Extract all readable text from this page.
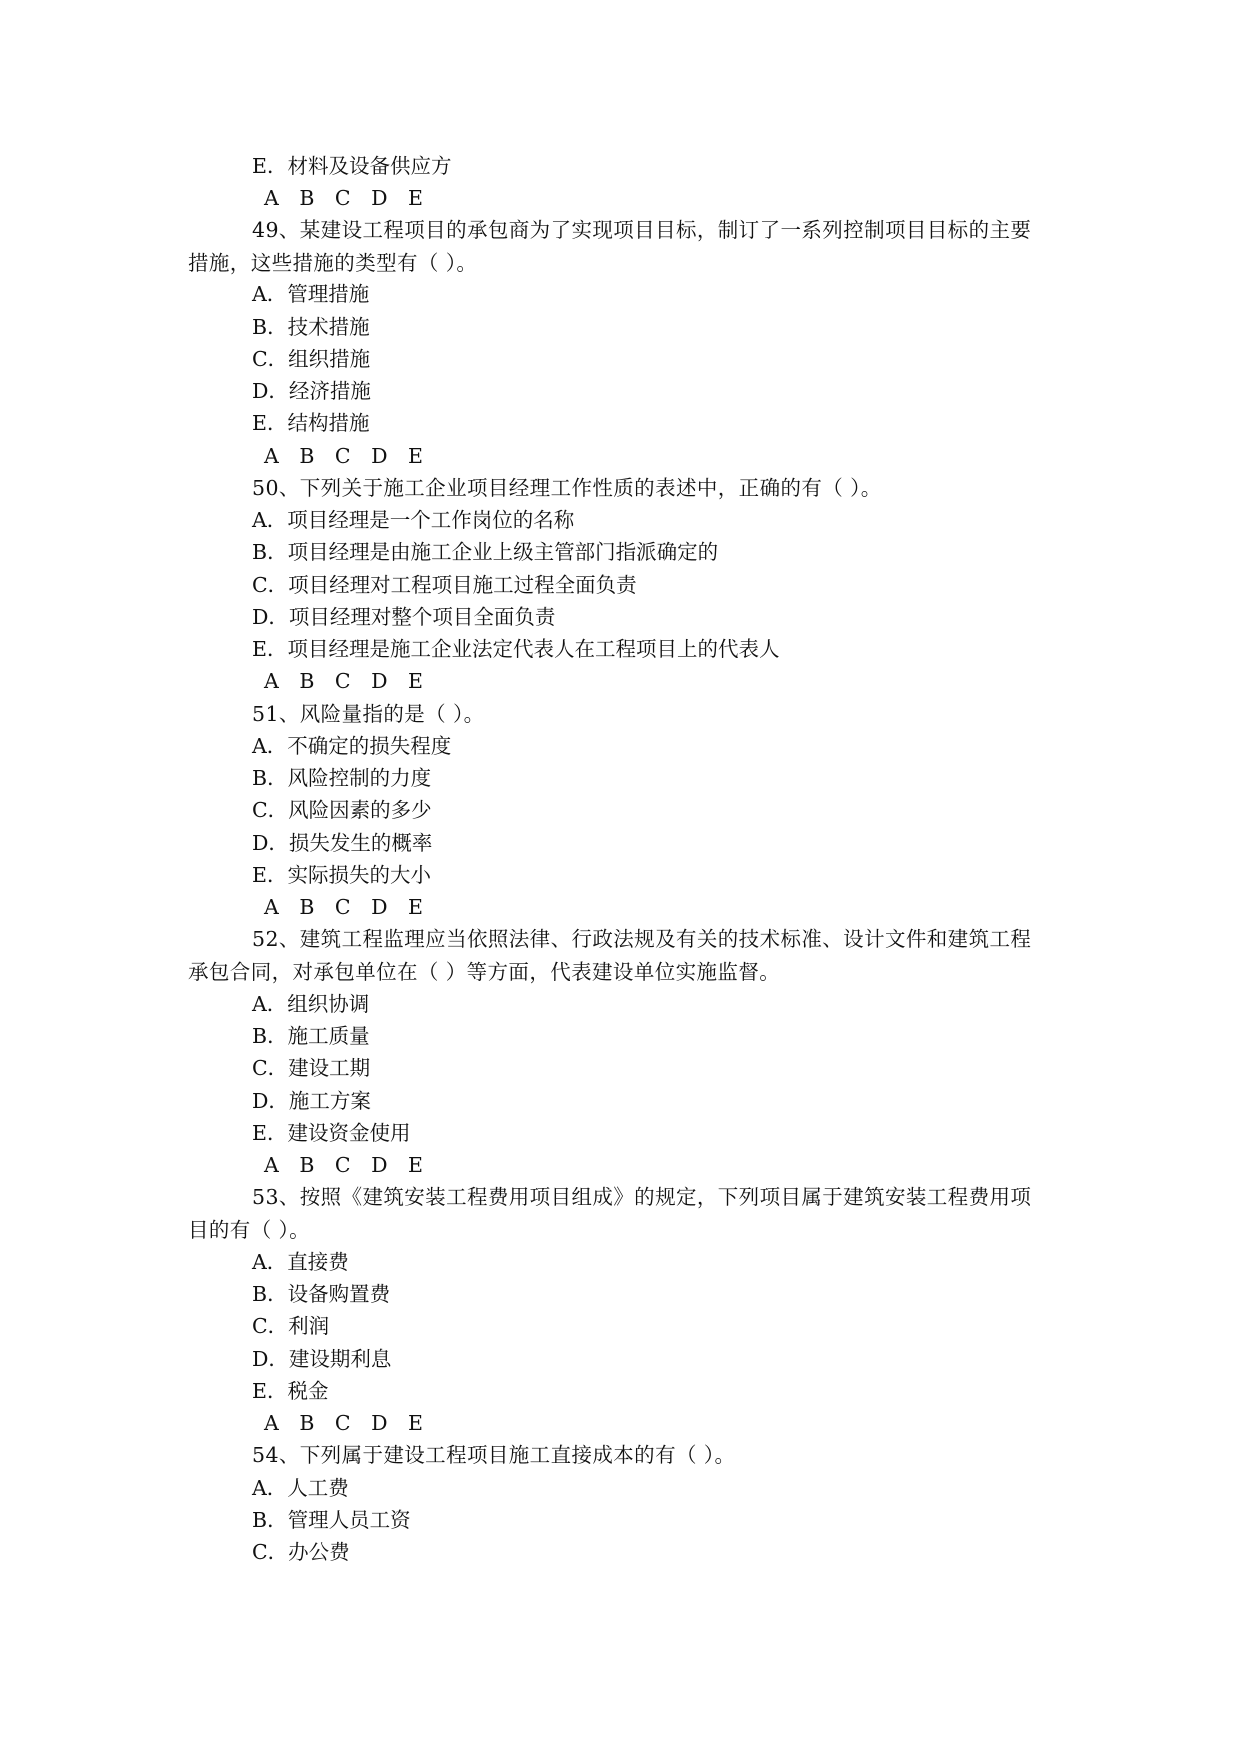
E．材料及设备供应方
A B C D E
49、某建设工程项目的承包商为了实现项目目标，制订了一系列控制项目目标的主要
措施，这些措施的类型有（ ）。
A．管理措施
B．技术措施
C．组织措施
D．经济措施
E．结构措施
A B C D E
50、下列关于施工企业项目经理工作性质的表述中，正确的有（ ）。
A．项目经理是一个工作岗位的名称
B．项目经理是由施工企业上级主管部门指派确定的
C．项目经理对工程项目施工过程全面负责
D．项目经理对整个项目全面负责
E．项目经理是施工企业法定代表人在工程项目上的代表人
A B C D E
51、风险量指的是（ ）。
A．不确定的损失程度
B．风险控制的力度
C．风险因素的多少
D．损失发生的概率
E．实际损失的大小
A B C D E
52、建筑工程监理应当依照法律、行政法规及有关的技术标准、设计文件和建筑工程
承包合同，对承包单位在（ ）等方面，代表建设单位实施监督。
A．组织协调
B．施工质量
C．建设工期
D．施工方案
E．建设资金使用
A B C D E
53、按照《建筑安装工程费用项目组成》的规定，下列项目属于建筑安装工程费用项
目的有（ ）。
A．直接费
B．设备购置费
C．利润
D．建设期利息
E．税金
A B C D E
54、下列属于建设工程项目施工直接成本的有（ ）。
A．人工费
B．管理人员工资
C．办公费
